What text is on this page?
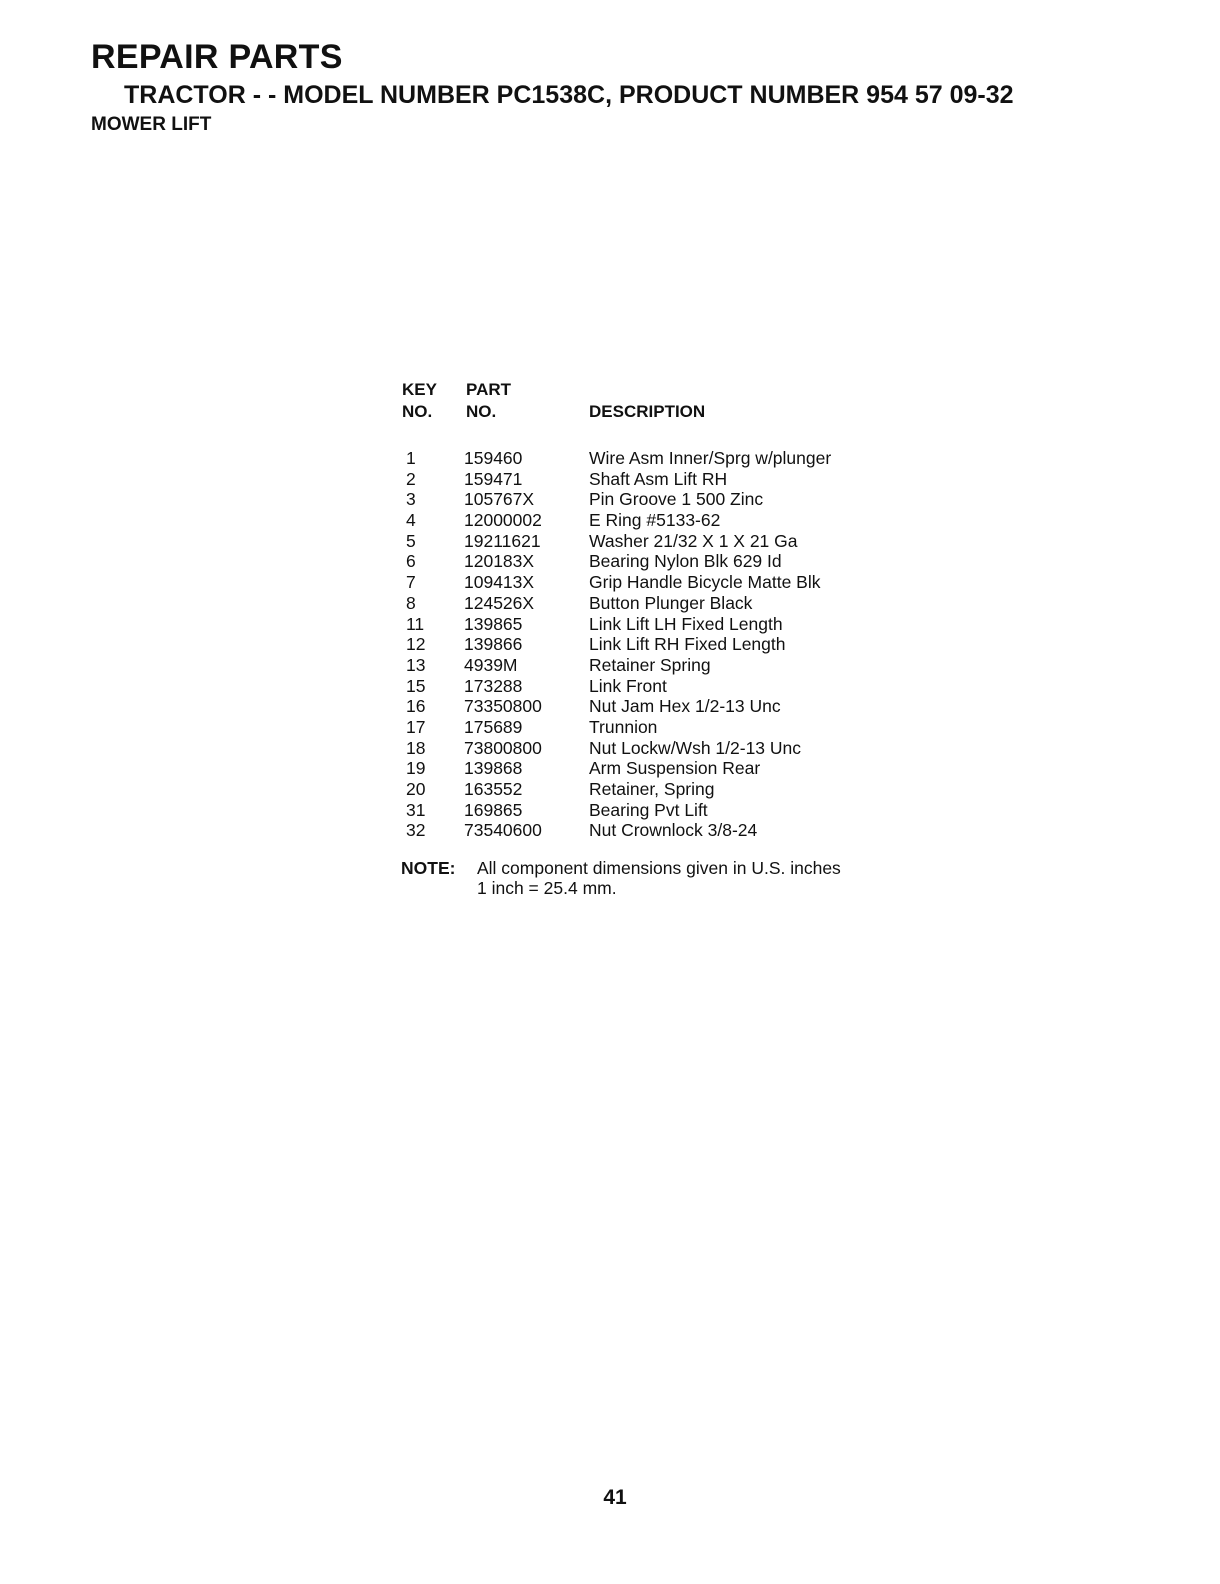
REPAIR PARTS
TRACTOR - - MODEL NUMBER PC1538C, PRODUCT NUMBER 954 57 09-32
MOWER LIFT
KEY
NO.
PART
NO.	DESCRIPTION
1	159460	Wire Asm Inner/Sprg w/plunger
2	159471	Shaft Asm Lift RH
3	105767X	Pin Groove 1 500 Zinc
4	12000002	E Ring #5133-62
5	19211621	Washer 21/32 X 1 X 21 Ga
6	120183X	Bearing Nylon Blk 629 Id
7	109413X	Grip Handle Bicycle Matte Blk
8	124526X	Button Plunger Black
11 139865	Link Lift LH Fixed Length
12 139866	Link Lift RH Fixed Length
13 4939M	Retainer Spring
15 173288	Link Front
16 73350800	Nut Jam Hex 1/2-13 Unc
17 175689	Trunnion
18 73800800	Nut Lockw/Wsh 1/2-13 Unc
19 139868	Arm Suspension Rear
20 163552	Retainer, Spring
31 169865	Bearing Pvt Lift
32 73540600	Nut Crownlock 3/8-24
NOTE: All component dimensions given in U.S. inches
1 inch = 25.4 mm.
41
